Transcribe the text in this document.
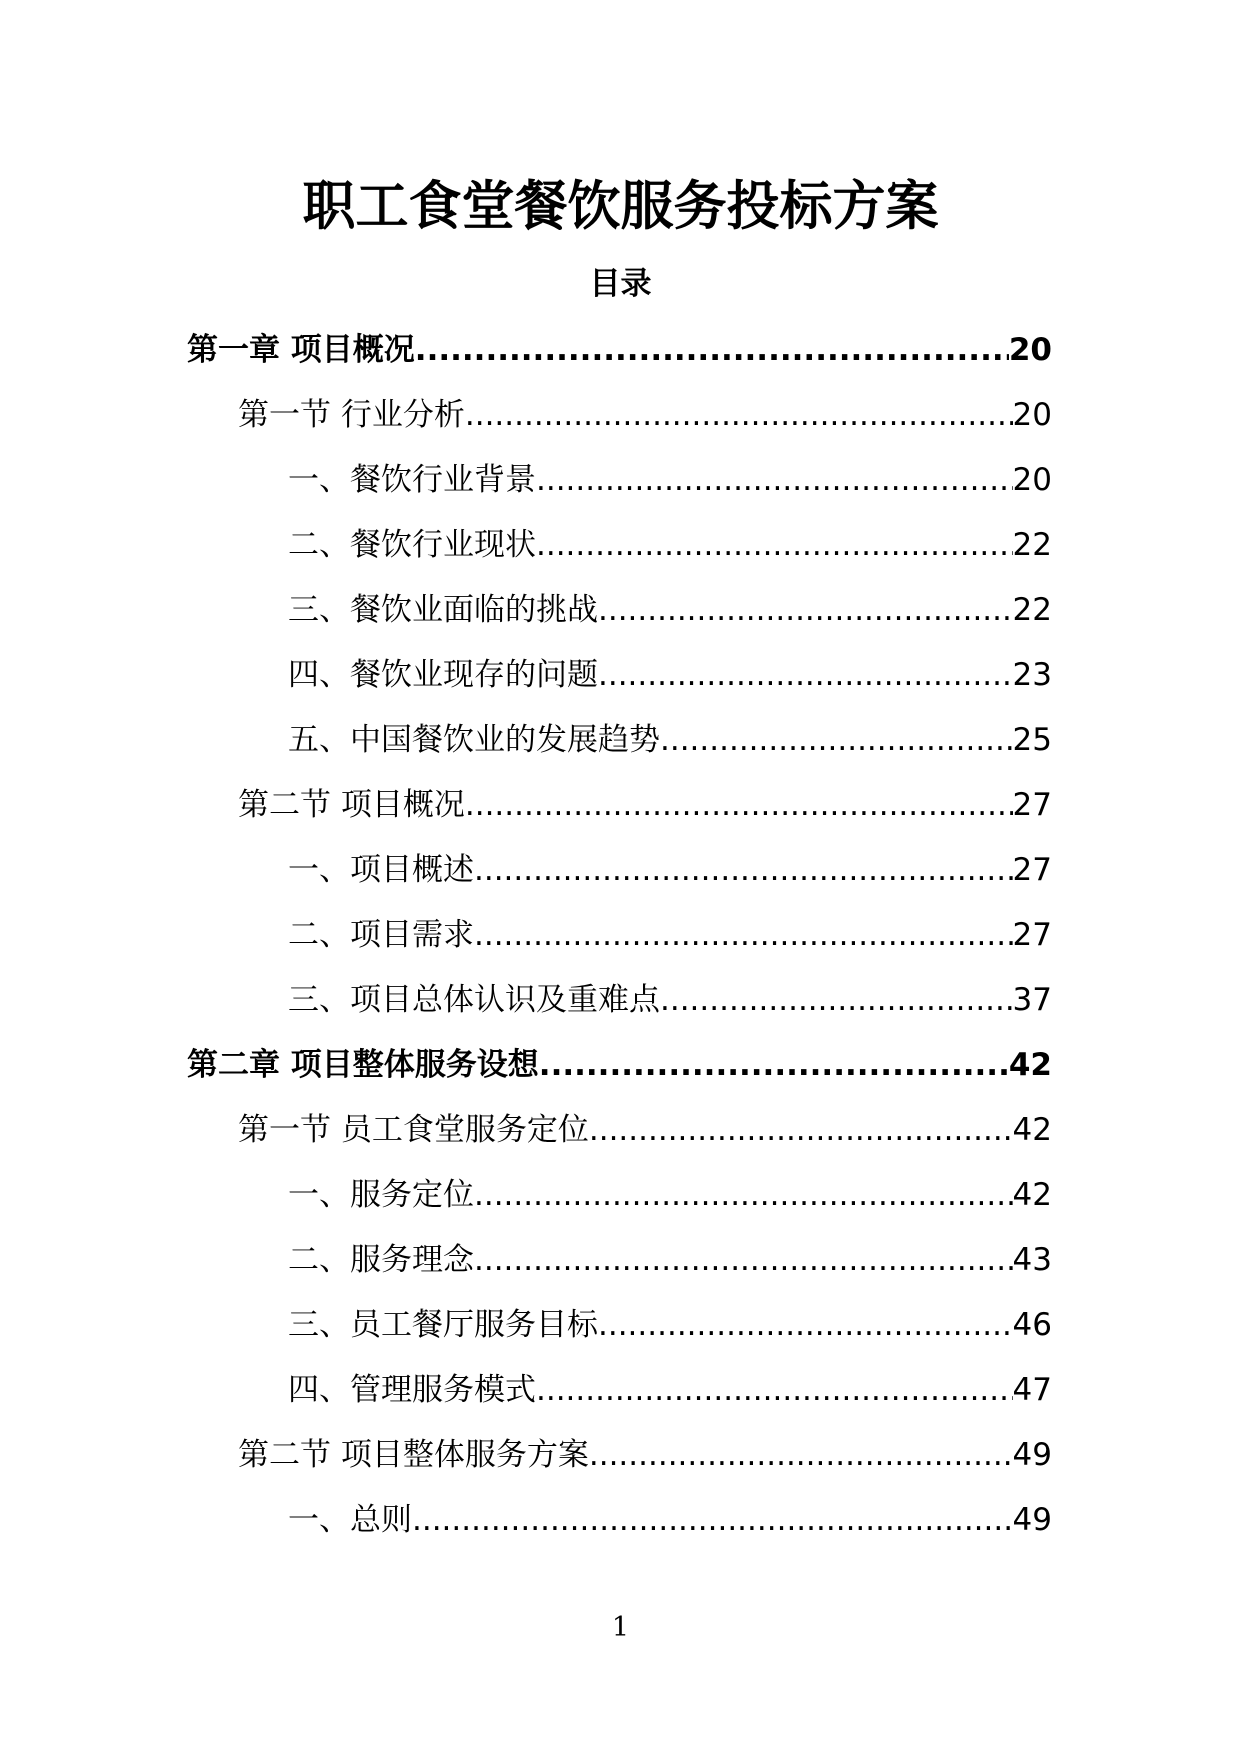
职工食堂餐饮服务投标方案
目录
第一章 项目概况 .....	20
第一节 行业分析 .....	20
一、餐饮行业背景 .....	20
二、餐饮行业现状 .....	22
三、餐饮业面临的挑战 .....	22
四、餐饮业现存的问题 .....	23
五、中国餐饮业的发展趋势 .....	25
第二节 项目概况 .....	27
一、项目概述 .....	27
二、项目需求 .....	27
三、项目总体认识及重难点 .....	37
第二章 项目整体服务设想 .....	42
第一节 员工食堂服务定位 .....	42
一、服务定位 .....	42
二、服务理念 .....	43
三、员工餐厅服务目标 .....	46
四、管理服务模式 .....	47
第二节 项目整体服务方案 .....	49
一、总则 .....	49
1
